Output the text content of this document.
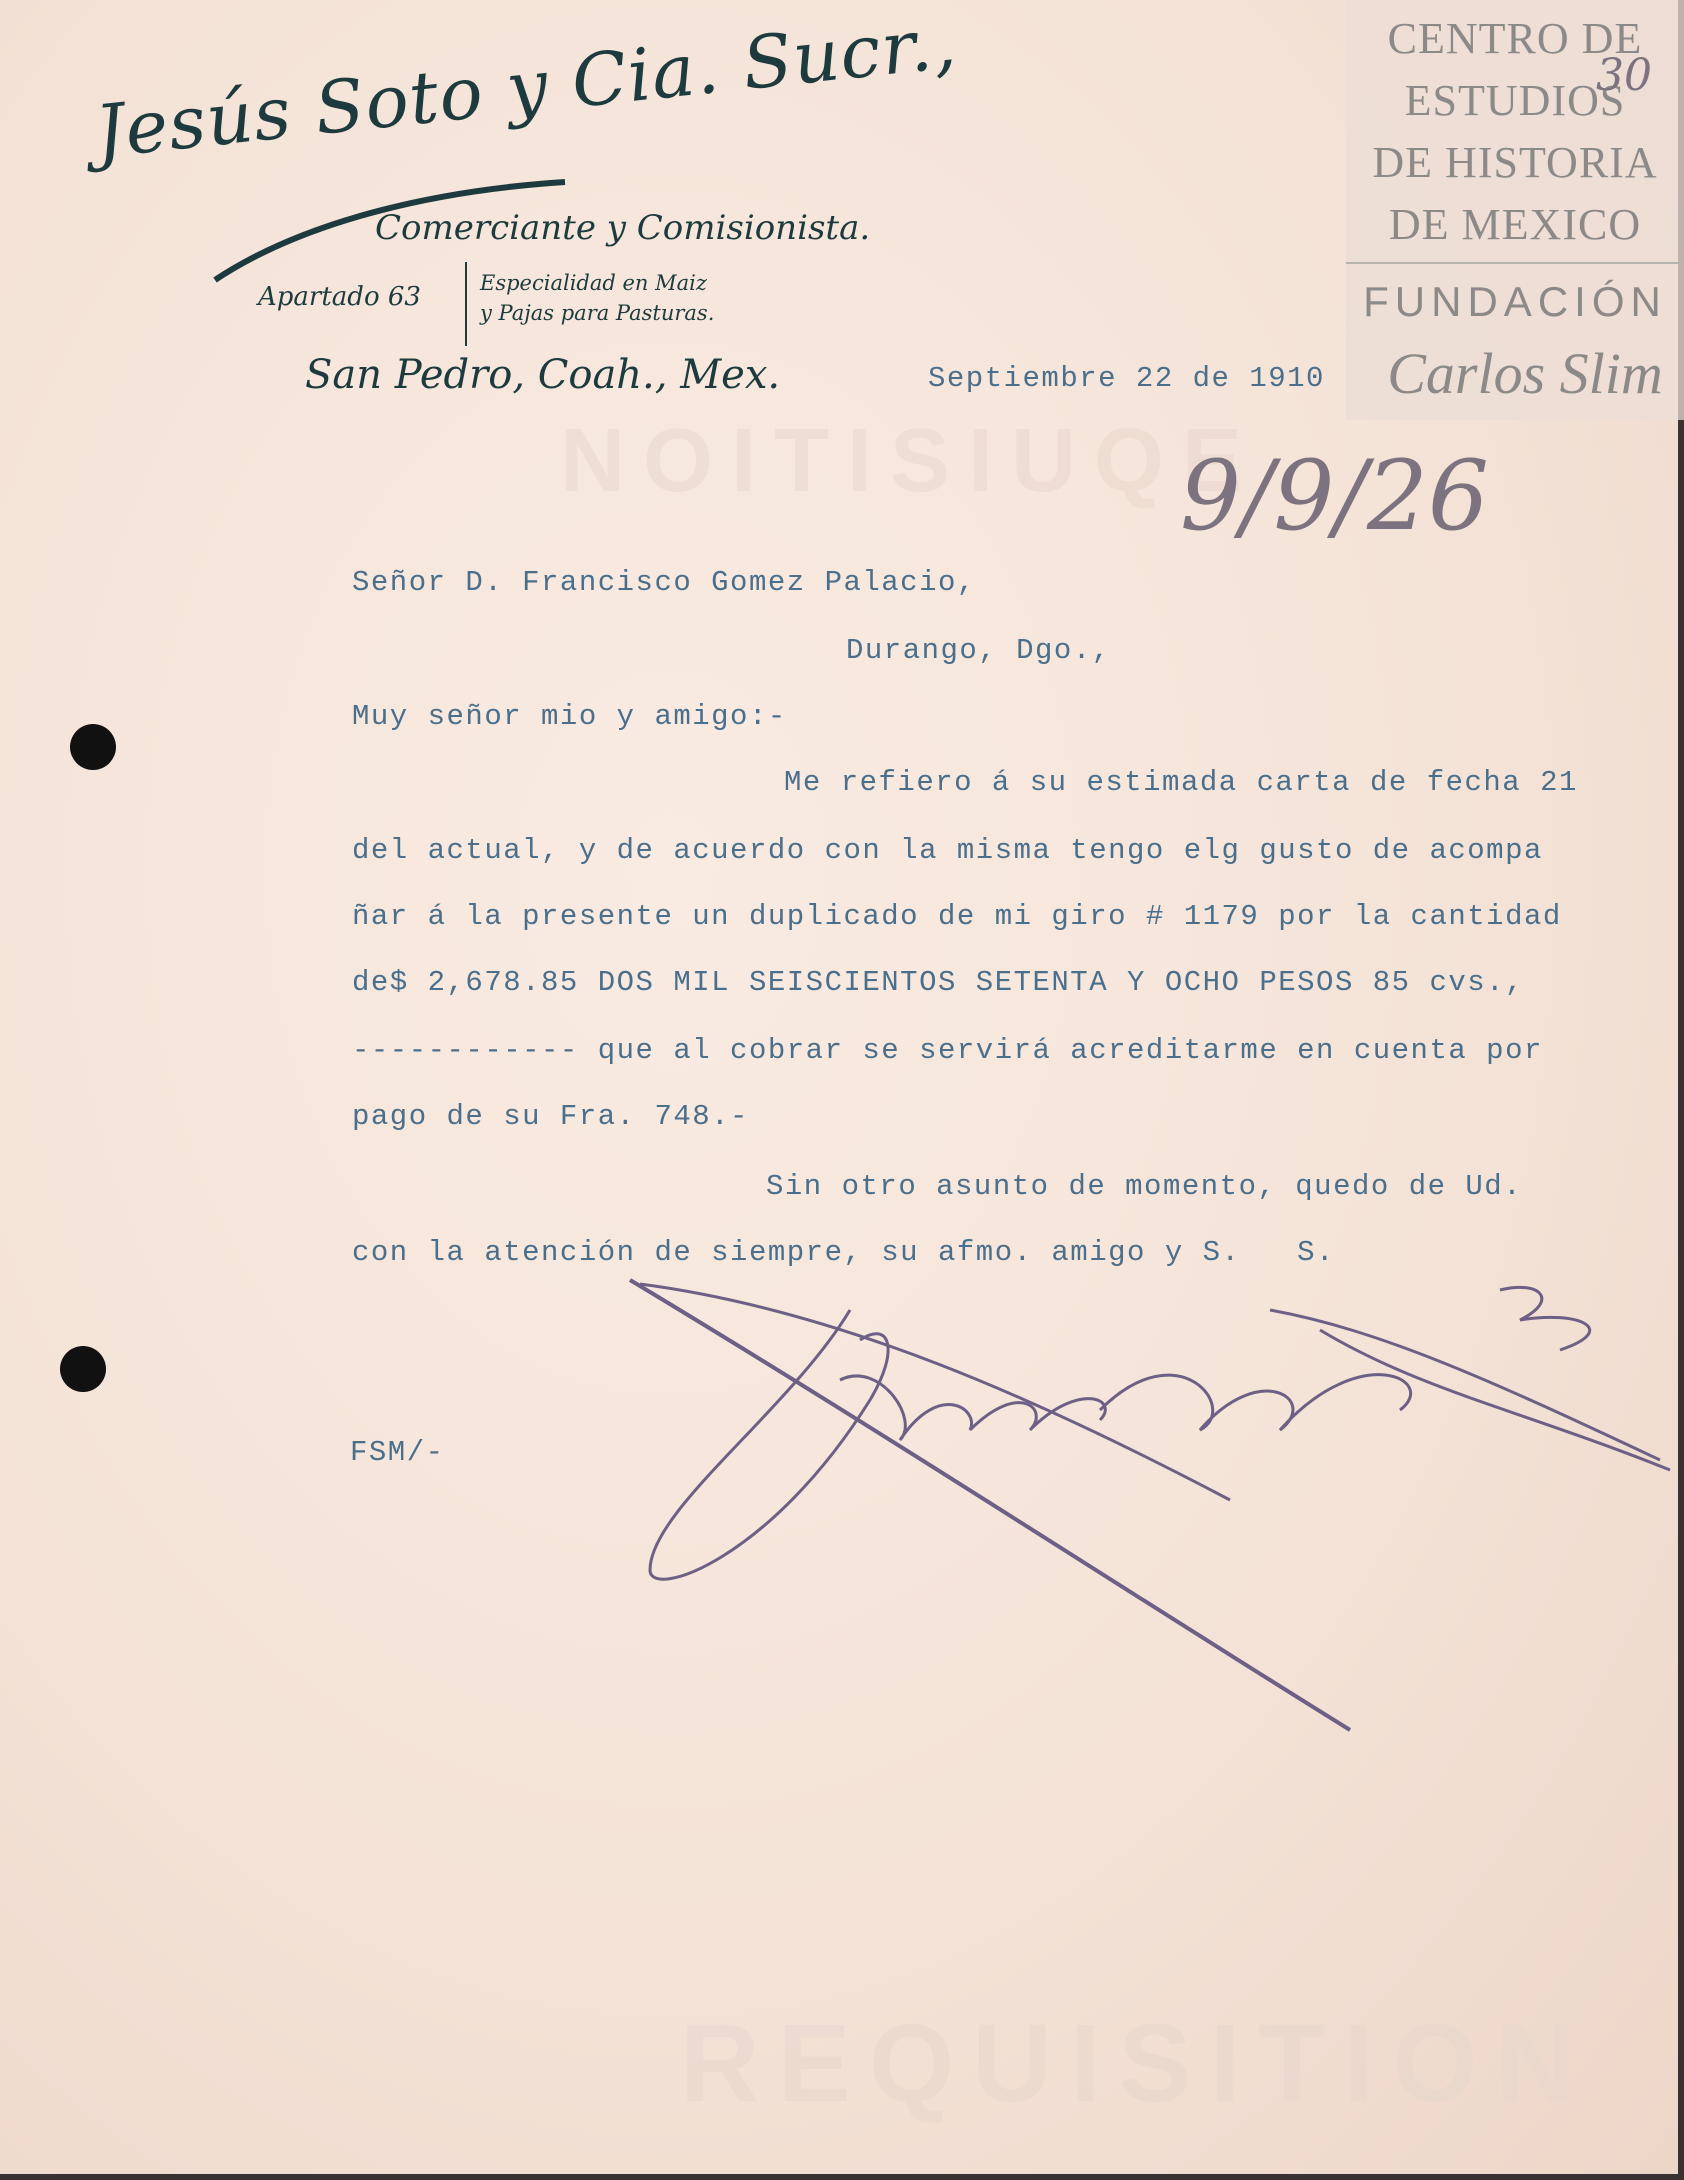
NOITISIUQE
REQUISITION
Jesús Soto y Cia. Sucr.,
Comerciante y Comisionista.
Apartado 63	Especialidad en Maiz
y Pajas para Pasturas.
San Pedro, Coah., Mex.	Septiembre 22 de 1910
9/9/26
Señor D. Francisco Gomez Palacio,
Durango, Dgo.,
Muy señor mio y amigo:-
Me refiero á su estimada carta de fecha 21
del actual, y de acuerdo con la misma tengo elg gusto de acompa
ñar á la presente un duplicado de mi giro # 1179 por la cantidad
de$ 2,678.85 DOS MIL SEISCIENTOS SETENTA Y OCHO PESOS 85 cvs.,
------------ que al cobrar se servirá acreditarme en cuenta por
pago de su Fra. 748.-
Sin otro asunto de momento, quedo de Ud.
con la atención de siempre, su afmo. amigo y S.   S.
FSM/-
CENTRO DE
ESTUDIOS
DE HISTORIA
DE MEXICO
FUNDACIÓN
Carlos Slim
30
